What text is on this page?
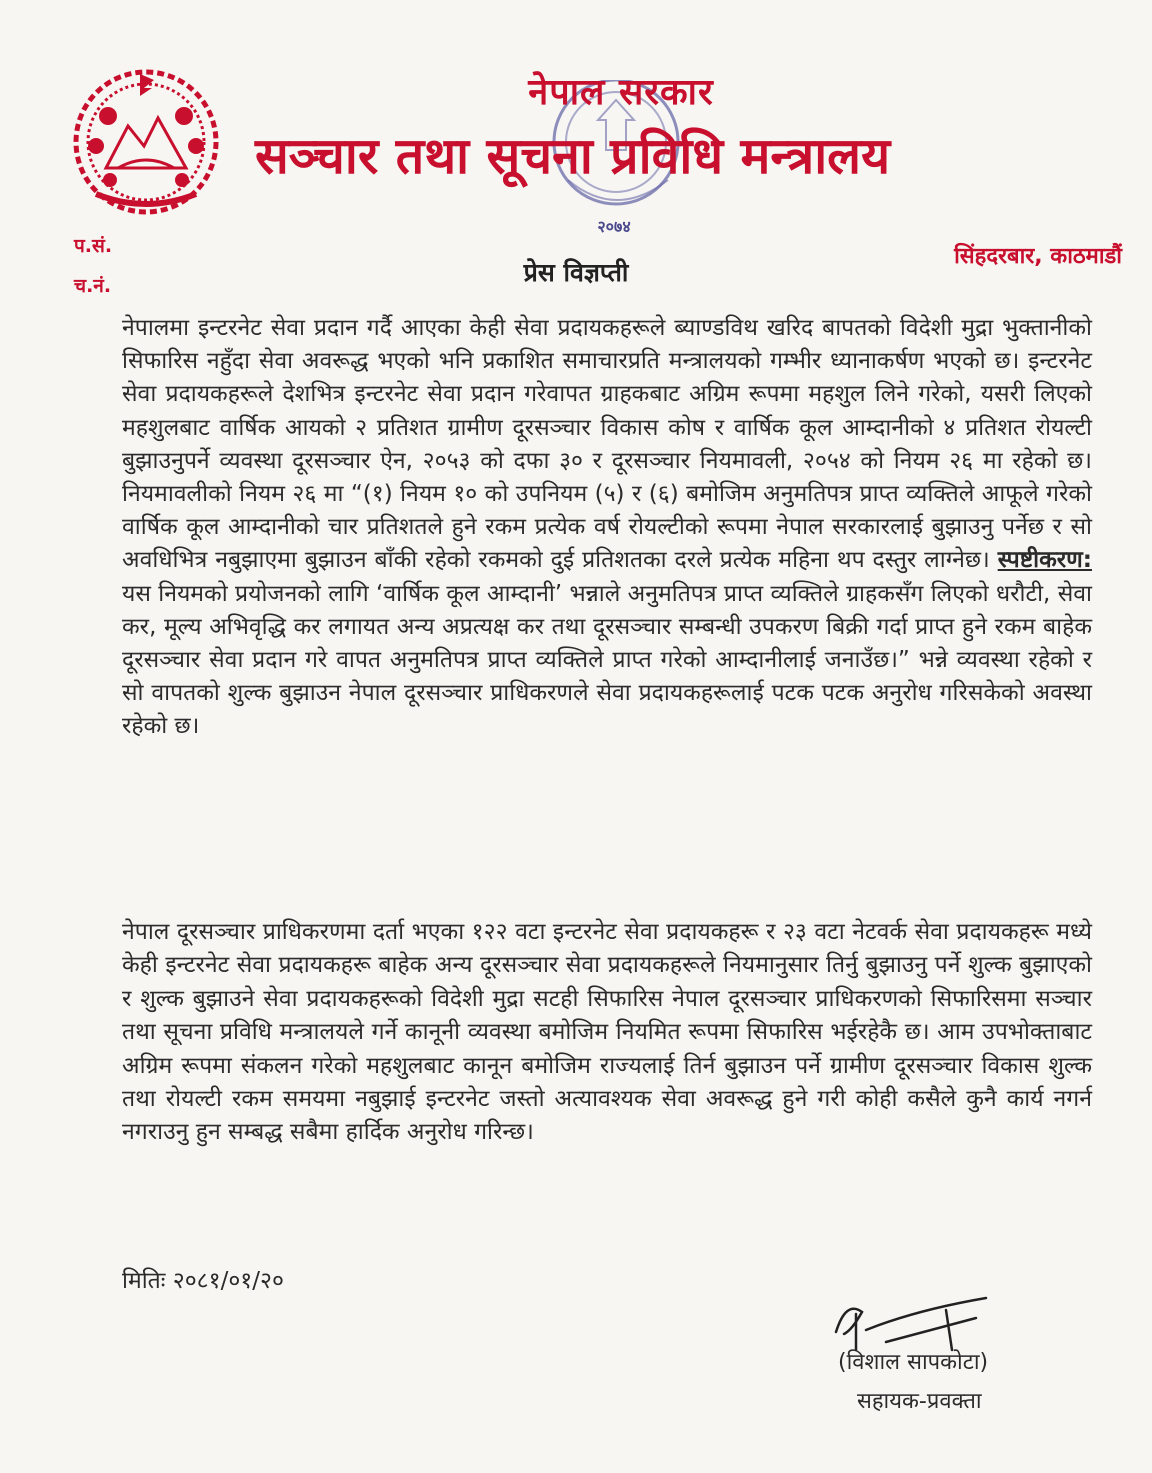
२०७४
नेपाल सरकार
सञ्चार तथा सूचना प्रविधि मन्त्रालय
प.सं.
च.नं.
सिंहदरबार, काठमाडौं
प्रेस विज्ञप्ती

नेपालमा इन्टरनेट सेवा प्रदान गर्दै आएका केही सेवा प्रदायकहरूले ब्याण्डविथ खरिद बापतको विदेशी मुद्रा भुक्तानीको सिफारिस नहुँदा सेवा अवरूद्ध भएको भनि प्रकाशित समाचारप्रति मन्त्रालयको गम्भीर ध्यानाकर्षण भएको छ। इन्टरनेट सेवा प्रदायकहरूले देशभित्र इन्टरनेट सेवा प्रदान गरेवापत ग्राहकबाट अग्रिम रूपमा महशुल लिने गरेको, यसरी लिएको महशुलबाट वार्षिक आयको २ प्रतिशत ग्रामीण दूरसञ्चार विकास कोष र वार्षिक कूल आम्दानीको ४ प्रतिशत रोयल्टी बुझाउनुपर्ने व्यवस्था दूरसञ्चार ऐन, २०५३ को दफा ३० र दूरसञ्चार नियमावली, २०५४ को नियम २६ मा रहेको छ। नियमावलीको नियम २६ मा “(१) नियम १० को उपनियम (५) र (६) बमोजिम अनुमतिपत्र प्राप्त व्यक्तिले आफूले गरेको वार्षिक कूल आम्दानीको चार प्रतिशतले हुने रकम प्रत्येक वर्ष रोयल्टीको रूपमा नेपाल सरकारलाई बुझाउनु पर्नेछ र सो अवधिभित्र नबुझाएमा बुझाउन बाँकी रहेको रकमको दुई प्रतिशतका दरले प्रत्येक महिना थप दस्तुर लाग्नेछ। स्पष्टीकरण: यस नियमको प्रयोजनको लागि ‘वार्षिक कूल आम्दानी’ भन्नाले अनुमतिपत्र प्राप्त व्यक्तिले ग्राहकसँग लिएको धरौटी, सेवा कर, मूल्य अभिवृद्धि कर लगायत अन्य अप्रत्यक्ष कर तथा दूरसञ्चार सम्बन्धी उपकरण बिक्री गर्दा प्राप्त हुने रकम बाहेक दूरसञ्चार सेवा प्रदान गरे वापत अनुमतिपत्र प्राप्त व्यक्तिले प्राप्त गरेको आम्दानीलाई जनाउँछ।” भन्ने व्यवस्था रहेको र सो वापतको शुल्क बुझाउन नेपाल दूरसञ्चार प्राधिकरणले सेवा प्रदायकहरूलाई पटक पटक अनुरोध गरिसकेको अवस्था रहेको छ।

नेपाल दूरसञ्चार प्राधिकरणमा दर्ता भएका १२२ वटा इन्टरनेट सेवा प्रदायकहरू र २३ वटा नेटवर्क सेवा प्रदायकहरू मध्ये केही इन्टरनेट सेवा प्रदायकहरू बाहेक अन्य दूरसञ्चार सेवा प्रदायकहरूले नियमानुसार तिर्नु बुझाउनु पर्ने शुल्क बुझाएको र शुल्क बुझाउने सेवा प्रदायकहरूको विदेशी मुद्रा सटही सिफारिस नेपाल दूरसञ्चार प्राधिकरणको सिफारिसमा सञ्चार तथा सूचना प्रविधि मन्त्रालयले गर्ने कानूनी व्यवस्था बमोजिम नियमित रूपमा सिफारिस भईरहेकै छ। आम उपभोक्ताबाट अग्रिम रूपमा संकलन गरेको महशुलबाट कानून बमोजिम राज्यलाई तिर्न बुझाउन पर्ने ग्रामीण दूरसञ्चार विकास शुल्क तथा रोयल्टी रकम समयमा नबुझाई इन्टरनेट जस्तो अत्यावश्यक सेवा अवरूद्ध हुने गरी कोही कसैले कुनै कार्य नगर्न नगराउनु हुन सम्बद्ध सबैमा हार्दिक अनुरोध गरिन्छ।
मितिः २०८१/०१/२०
(विशाल सापकोटा)
सहायक-प्रवक्ता
